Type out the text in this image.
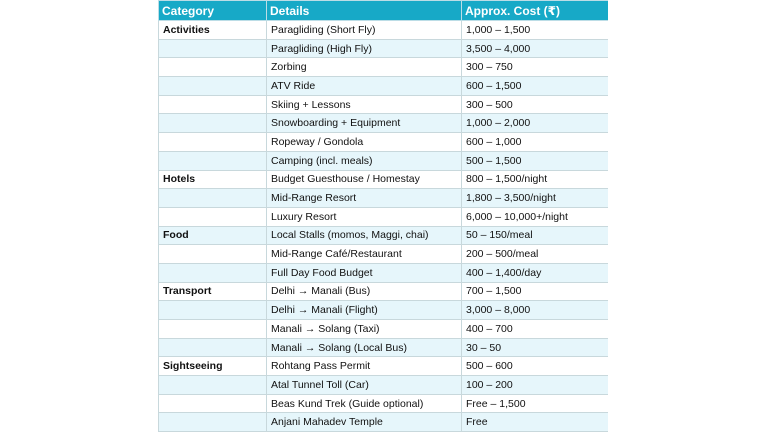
Category	Details	Approx. Cost (₹)
Activities	Paragliding (Short Fly)	1,000 – 1,500
	Paragliding (High Fly)	3,500 – 4,000
	Zorbing	300 – 750
	ATV Ride	600 – 1,500
	Skiing + Lessons	300 – 500
	Snowboarding + Equipment	1,000 – 2,000
	Ropeway / Gondola	600 – 1,000
	Camping (incl. meals)	500 – 1,500
Hotels	Budget Guesthouse / Homestay	800 – 1,500/night
	Mid-Range Resort	1,800 – 3,500/night
	Luxury Resort	6,000 – 10,000+/night
Food	Local Stalls (momos, Maggi, chai)	50 – 150/meal
	Mid-Range Café/Restaurant	200 – 500/meal
	Full Day Food Budget	400 – 1,400/day
Transport	Delhi → Manali (Bus)	700 – 1,500
	Delhi → Manali (Flight)	3,000 – 8,000
	Manali → Solang (Taxi)	400 – 700
	Manali → Solang (Local Bus)	30 – 50
Sightseeing	Rohtang Pass Permit	500 – 600
	Atal Tunnel Toll (Car)	100 – 200
	Beas Kund Trek (Guide optional)	Free – 1,500
	Anjani Mahadev Temple	Free
